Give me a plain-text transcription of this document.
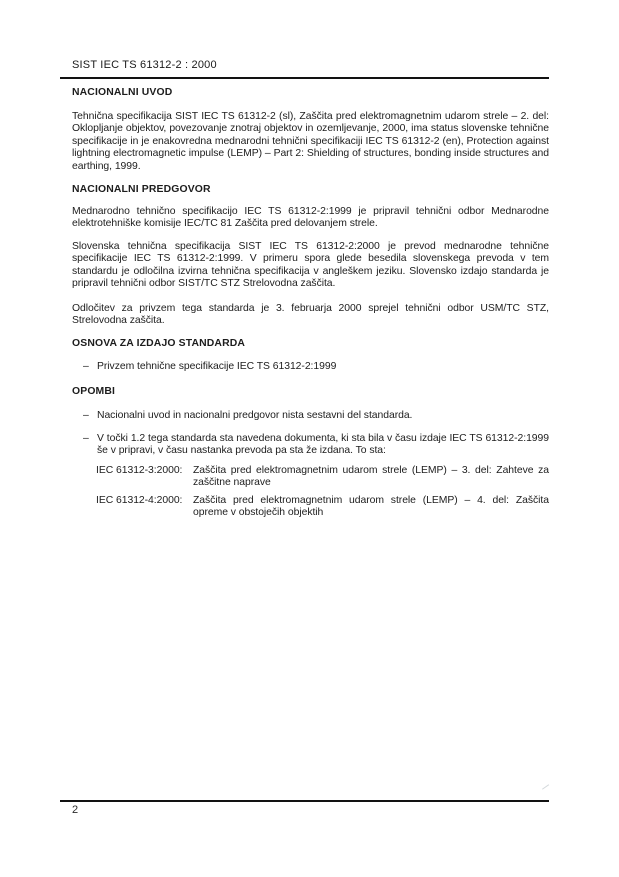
SIST IEC TS 61312-2 : 2000
NACIONALNI UVOD

Tehnična specifikacija SIST IEC TS 61312-2 (sl), Zaščita pred elektromagnetnim udarom strele – 2. del: Oklopljanje objektov, povezovanje znotraj objektov in ozemljevanje, 2000, ima status slovenske tehnične specifikacije in je enakovredna mednarodni tehnični specifikaciji IEC TS 61312-2 (en), Protection against lightning electromagnetic impulse (LEMP) – Part 2: Shielding of structures, bonding inside structures and earthing, 1999.

NACIONALNI PREDGOVOR

Mednarodno tehnično specifikacijo IEC TS 61312-2:1999 je pripravil tehnični odbor Mednarodne elektrotehniške komisije IEC/TC 81 Zaščita pred delovanjem strele.

Slovenska tehnična specifikacija SIST IEC TS 61312-2:2000 je prevod mednarodne tehnične specifikacije IEC TS 61312-2:1999. V primeru spora glede besedila slovenskega prevoda v tem standardu je odločilna izvirna tehnična specifikacija v angleškem jeziku. Slovensko izdajo standarda je pripravil tehnični odbor SIST/TC STZ Strelovodna zaščita.

Odločitev za privzem tega standarda je 3. februarja 2000 sprejel tehnični odbor USM/TC STZ, Strelovodna zaščita.

OSNOVA ZA IZDAJO STANDARDA
– Privzem tehnične specifikacije IEC TS 61312-2:1999
OPOMBI
– Nacionalni uvod in nacionalni predgovor nista sestavni del standarda.
– V točki 1.2 tega standarda sta navedena dokumenta, ki sta bila v času izdaje IEC TS 61312-2:1999 še v pripravi, v času nastanka prevoda pa sta že izdana. To sta:
IEC 61312-3:2000:	Zaščita pred elektromagnetnim udarom strele (LEMP) – 3. del: Zahteve za zaščitne naprave
IEC 61312-4:2000:	Zaščita pred elektromagnetnim udarom strele (LEMP) – 4. del: Zaščita opreme v obstoječih objektih
2
